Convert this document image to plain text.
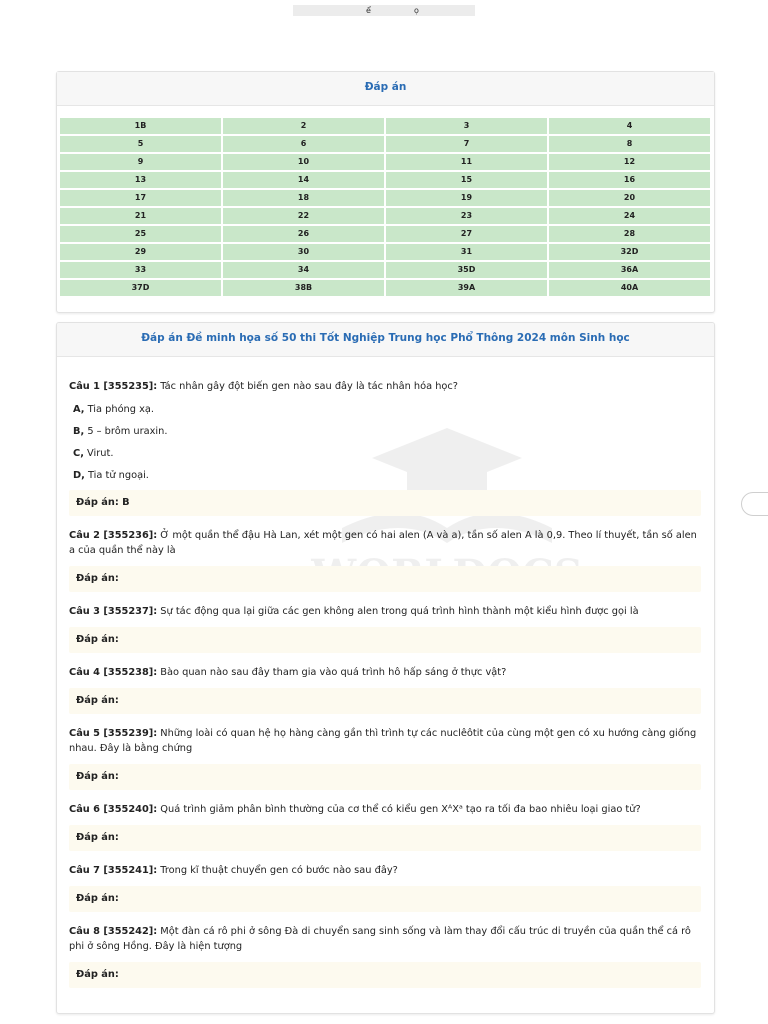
ể	ọ
Đáp án
1B	2	3	4
5	6	7	8
9	10	11	12
13	14	15	16
17	18	19	20
21	22	23	24
25	26	27	28
29	30	31	32D
33	34	35D	36A
37D	38B	39A	40A
Đáp án Đề minh họa số 50 thi Tốt Nghiệp Trung học Phổ Thông 2024 môn Sinh học
Câu 1 [355235]: Tác nhân gây đột biến gen nào sau đây là tác nhân hóa học?
A, Tia phóng xạ.
B, 5 – brôm uraxin.
C, Virut.
D, Tia tử ngoại.
Đáp án: B
Câu 2 [355236]: Ở một quần thể đậu Hà Lan, xét một gen có hai alen (A và a), tần số alen A là 0,9. Theo lí thuyết, tần số alen a của quần thể này là
Đáp án:
Câu 3 [355237]: Sự tác động qua lại giữa các gen không alen trong quá trình hình thành một kiểu hình được gọi là
Đáp án:
Câu 4 [355238]: Bào quan nào sau đây tham gia vào quá trình hô hấp sáng ở thực vật?
Đáp án:
Câu 5 [355239]: Những loài có quan hệ họ hàng càng gần thì trình tự các nuclêôtit của cùng một gen có xu hướng càng giống nhau. Đây là bằng chứng
Đáp án:
Câu 6 [355240]: Quá trình giảm phân bình thường của cơ thể có kiểu gen XᴬXᵃ tạo ra tối đa bao nhiêu loại giao tử?
Đáp án:
Câu 7 [355241]: Trong kĩ thuật chuyển gen có bước nào sau đây?
Đáp án:
Câu 8 [355242]: Một đàn cá rô phi ở sông Đà di chuyển sang sinh sống và làm thay đổi cấu trúc di truyền của quần thể cá rô phi ở sông Hồng. Đây là hiện tượng
Đáp án:
